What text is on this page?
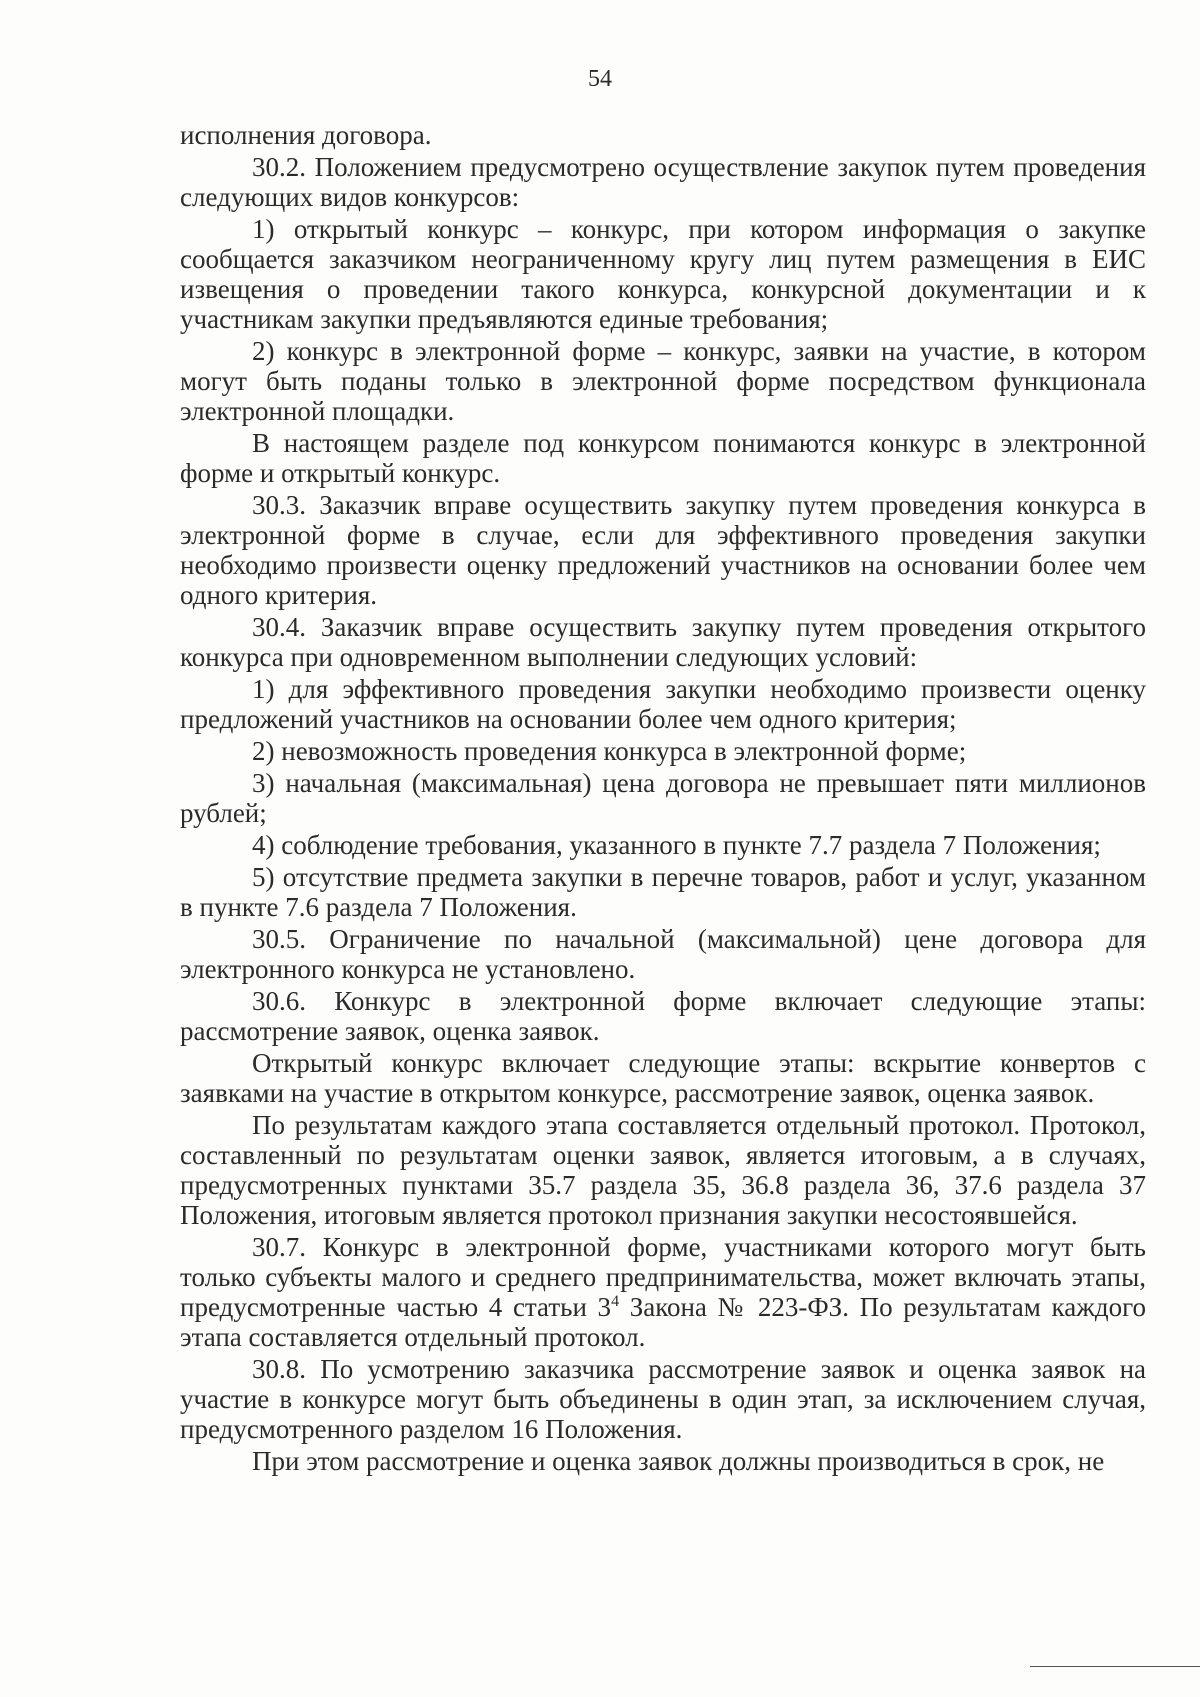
54

исполнения договора.

30.2. Положением предусмотрено осуществление закупок путем проведения следующих видов конкурсов:

1) открытый конкурс – конкурс, при котором информация о закупке сообщается заказчиком неограниченному кругу лиц путем размещения в ЕИС извещения о проведении такого конкурса, конкурсной документации и к участникам закупки предъявляются единые требования;

2) конкурс в электронной форме – конкурс, заявки на участие, в котором могут быть поданы только в электронной форме посредством функционала электронной площадки.

В настоящем разделе под конкурсом понимаются конкурс в электронной форме и открытый конкурс.

30.3. Заказчик вправе осуществить закупку путем проведения конкурса в электронной форме в случае, если для эффективного проведения закупки необходимо произвести оценку предложений участников на основании более чем одного критерия.

30.4. Заказчик вправе осуществить закупку путем проведения открытого конкурса при одновременном выполнении следующих условий:

1) для эффективного проведения закупки необходимо произвести оценку предложений участников на основании более чем одного критерия;

2) невозможность проведения конкурса в электронной форме;

3) начальная (максимальная) цена договора не превышает пяти миллионов рублей;

4) соблюдение требования, указанного в пункте 7.7 раздела 7 Положения;

5) отсутствие предмета закупки в перечне товаров, работ и услуг, указанном в пункте 7.6 раздела 7 Положения.

30.5. Ограничение по начальной (максимальной) цене договора для электронного конкурса не установлено.

30.6. Конкурс в электронной форме включает следующие этапы: рассмотрение заявок, оценка заявок.

Открытый конкурс включает следующие этапы: вскрытие конвертов с заявками на участие в открытом конкурсе, рассмотрение заявок, оценка заявок.

По результатам каждого этапа составляется отдельный протокол. Протокол, составленный по результатам оценки заявок, является итоговым, а в случаях, предусмотренных пунктами 35.7 раздела 35, 36.8 раздела 36, 37.6 раздела 37 Положения, итоговым является протокол признания закупки несостоявшейся.

30.7. Конкурс в электронной форме, участниками которого могут быть только субъекты малого и среднего предпринимательства, может включать этапы, предусмотренные частью 4 статьи $3^4$ Закона № 223-ФЗ. По результатам каждого этапа составляется отдельный протокол.

30.8. По усмотрению заказчика рассмотрение заявок и оценка заявок на участие в конкурсе могут быть объединены в один этап, за исключением случая, предусмотренного разделом 16 Положения.

При этом рассмотрение и оценка заявок должны производиться в срок, не
